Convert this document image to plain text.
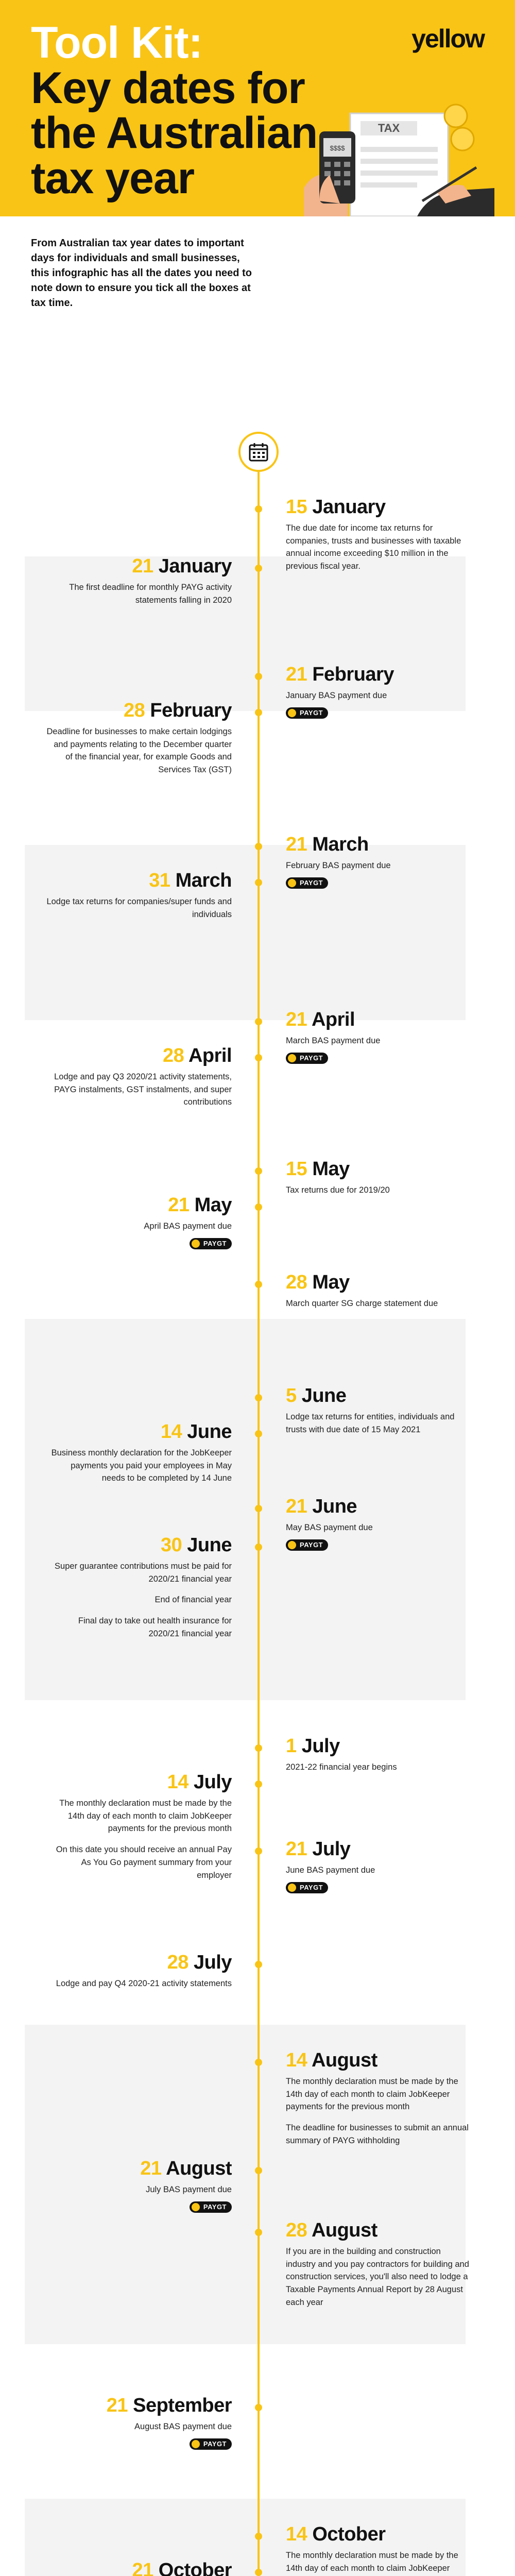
Tool Kit:
Key dates for the Australian tax year
yellow
TAX
$$$$

From Australian tax year dates to important days for individuals and small businesses, this infographic has all the dates you need to note down to ensure you tick all the boxes at tax time.

15 January
The due date for income tax returns for companies, trusts and businesses with taxable annual income exceeding $10 million in the previous fiscal year.
21 January
The first deadline for monthly PAYG activity statements falling in 2020
21 February
January BAS payment due
PAYGT
28 February
Deadline for businesses to make certain lodgings and payments relating to the December quarter of the financial year, for example Goods and Services Tax (GST)
21 March
February BAS payment due
PAYGT
31 March
Lodge tax returns for companies/super funds and individuals
21 April
March BAS payment due
PAYGT
28 April
Lodge and pay Q3 2020/21 activity statements, PAYG instalments, GST instalments, and super contributions
15 May
Tax returns due for 2019/20
21 May
April BAS payment due
PAYGT
28 May
March quarter SG charge statement due
5 June
Lodge tax returns for entities, individuals and trusts with due date of 15 May 2021
14 June
Business monthly declaration for the JobKeeper payments you paid your employees in May needs to be completed by 14 June
21 June
May BAS payment due
PAYGT
30 June
Super guarantee contributions must be paid for 2020/21 financial year
End of financial year
Final day to take out health insurance for 2020/21 financial year
1 July
2021-22 financial year begins
14 July
The monthly declaration must be made by the 14th day of each month to claim JobKeeper payments for the previous month
On this date you should receive an annual Pay As You Go payment summary from your employer
21 July
June BAS payment due
PAYGT
28 July
Lodge and pay Q4 2020-21 activity statements
14 August
The monthly declaration must be made by the 14th day of each month to claim JobKeeper payments for the previous month
The deadline for businesses to submit an annual summary of PAYG withholding
21 August
July BAS payment due
PAYGT
28 August
If you are in the building and construction industry and you pay contractors for building and construction services, you'll also need to lodge a Taxable Payments Annual Report by 28 August each year
21 September
August BAS payment due
PAYGT
14 October
The monthly declaration must be made by the 14th day of each month to claim JobKeeper
21 October
